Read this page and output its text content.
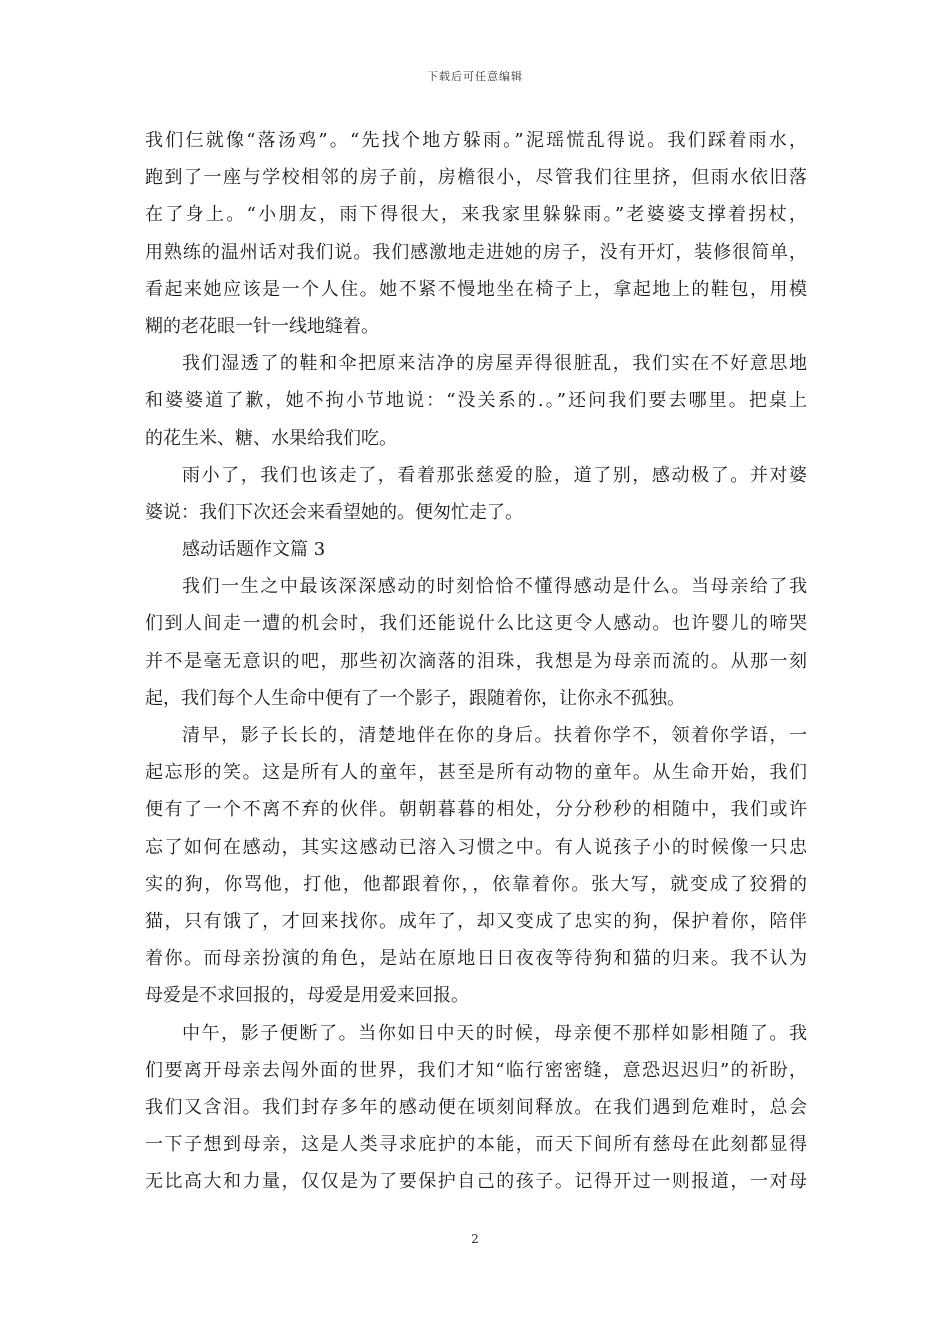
下载后可任意编辑
我们仨就像“落汤鸡”。“先找个地方躲雨。”泥瑶慌乱得说。我们踩着雨水，
跑到了一座与学校相邻的房子前，房檐很小，尽管我们往里挤，但雨水依旧落
在了身上。“小朋友，雨下得很大，来我家里躲躲雨。”老婆婆支撑着拐杖，
用熟练的温州话对我们说。我们感激地走进她的房子，没有开灯，装修很简单，
看起来她应该是一个人住。她不紧不慢地坐在椅子上，拿起地上的鞋包，用模
糊的老花眼一针一线地缝着。
我们湿透了的鞋和伞把原来洁净的房屋弄得很脏乱，我们实在不好意思地
和婆婆道了歉，她不拘小节地说：“没关系的.。”还问我们要去哪里。把桌上
的花生米、糖、水果给我们吃。
雨小了，我们也该走了，看着那张慈爱的脸，道了别，感动极了。并对婆
婆说：我们下次还会来看望她的。便匆忙走了。
感动话题作文篇 3
我们一生之中最该深深感动的时刻恰恰不懂得感动是什么。当母亲给了我
们到人间走一遭的机会时，我们还能说什么比这更令人感动。也许婴儿的啼哭
并不是毫无意识的吧，那些初次滴落的泪珠，我想是为母亲而流的。从那一刻
起，我们每个人生命中便有了一个影子，跟随着你，让你永不孤独。
清早，影子长长的，清楚地伴在你的身后。扶着你学不，领着你学语，一
起忘形的笑。这是所有人的童年，甚至是所有动物的童年。从生命开始，我们
便有了一个不离不弃的伙伴。朝朝暮暮的相处，分分秒秒的相随中，我们或许
忘了如何在感动，其实这感动已溶入习惯之中。有人说孩子小的时候像一只忠
实的狗，你骂他，打他，他都跟着你，，依靠着你。张大写，就变成了狡猾的
猫，只有饿了，才回来找你。成年了，却又变成了忠实的狗，保护着你，陪伴
着你。而母亲扮演的角色，是站在原地日日夜夜等待狗和猫的归来。我不认为
母爱是不求回报的，母爱是用爱来回报。
中午，影子便断了。当你如日中天的时候，母亲便不那样如影相随了。我
们要离开母亲去闯外面的世界，我们才知“临行密密缝，意恐迟迟归”的祈盼，
我们又含泪。我们封存多年的感动便在顷刻间释放。在我们遇到危难时，总会
一下子想到母亲，这是人类寻求庇护的本能，而天下间所有慈母在此刻都显得
无比高大和力量，仅仅是为了要保护自己的孩子。记得开过一则报道，一对母
2
